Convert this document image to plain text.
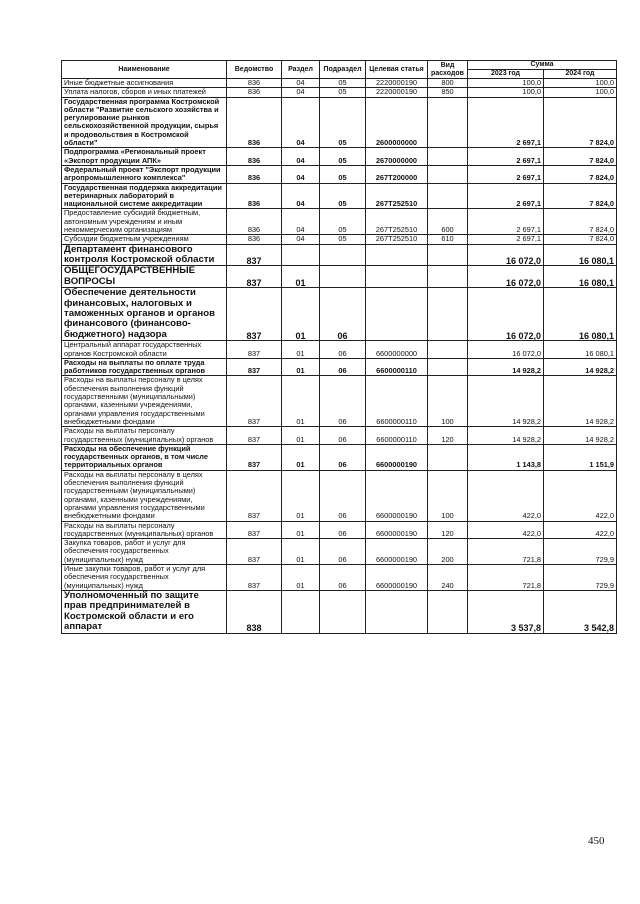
Наименование	Ведомство	Раздел	Подраздел	Целевая статья	Вид расходов	Сумма	
						2023 год	2024 год
Иные бюджетные ассигнования	836	04	05	2220000190	800	100,0	100,0
Уплата налогов, сборов и иных платежей	836	04	05	2220000190	850	100,0	100,0
Государственная программа Костромской области "Развитие сельского хозяйства и регулирование рынков сельскохозяйственной продукции, сырья и продовольствия в Костромской области"	836	04	05	2600000000		2 697,1	7 824,0
Подпрограмма «Региональный проект «Экспорт продукции АПК»	836	04	05	2670000000		2 697,1	7 824,0
Федеральный проект "Экспорт продукции агропромышленного комплекса"	836	04	05	267T200000		2 697,1	7 824,0
Государственная поддержка аккредитации ветеринарных лабораторий в национальной системе аккредитации	836	04	05	267T252510		2 697,1	7 824,0
Предоставление субсидий бюджетным, автономным учреждениям и иным некоммерческим организациям	836	04	05	267T252510	600	2 697,1	7 824,0
Субсидии бюджетным учреждениям	836	04	05	267T252510	610	2 697,1	7 824,0
Департамент финансового контроля Костромской области	837					16 072,0	16 080,1
ОБЩЕГОСУДАРСТВЕННЫЕ ВОПРОСЫ	837	01				16 072,0	16 080,1
Обеспечение деятельности финансовых, налоговых и таможенных органов и органов финансового (финансово-бюджетного) надзора	837	01	06			16 072,0	16 080,1
Центральный аппарат государственных органов Костромской области	837	01	06	6600000000		16 072,0	16 080,1
Расходы на выплаты по оплате труда работников государственных органов	837	01	06	6600000110		14 928,2	14 928,2
Расходы на выплаты персоналу в целях обеспечения выполнения функций государственными (муниципальными) органами, казенными учреждениями, органами управления государственными внебюджетными фондами	837	01	06	6600000110	100	14 928,2	14 928,2
Расходы на выплаты персоналу государственных (муниципальных) органов	837	01	06	6600000110	120	14 928,2	14 928,2
Расходы на обеспечение функций государственных органов, в том числе территориальных органов	837	01	06	6600000190		1 143,8	1 151,9
Расходы на выплаты персоналу в целях обеспечения выполнения функций государственными (муниципальными) органами, казенными учреждениями, органами управления государственными внебюджетными фондами	837	01	06	6600000190	100	422,0	422,0
Расходы на выплаты персоналу государственных (муниципальных) органов	837	01	06	6600000190	120	422,0	422,0
Закупка товаров, работ и услуг для обеспечения государственных (муниципальных) нужд	837	01	06	6600000190	200	721,8	729,9
Иные закупки товаров, работ и услуг для обеспечения государственных (муниципальных) нужд	837	01	06	6600000190	240	721,8	729,9
Уполномоченный по защите прав предпринимателей в Костромской области и его аппарат	838					3 537,8	3 542,8
450
